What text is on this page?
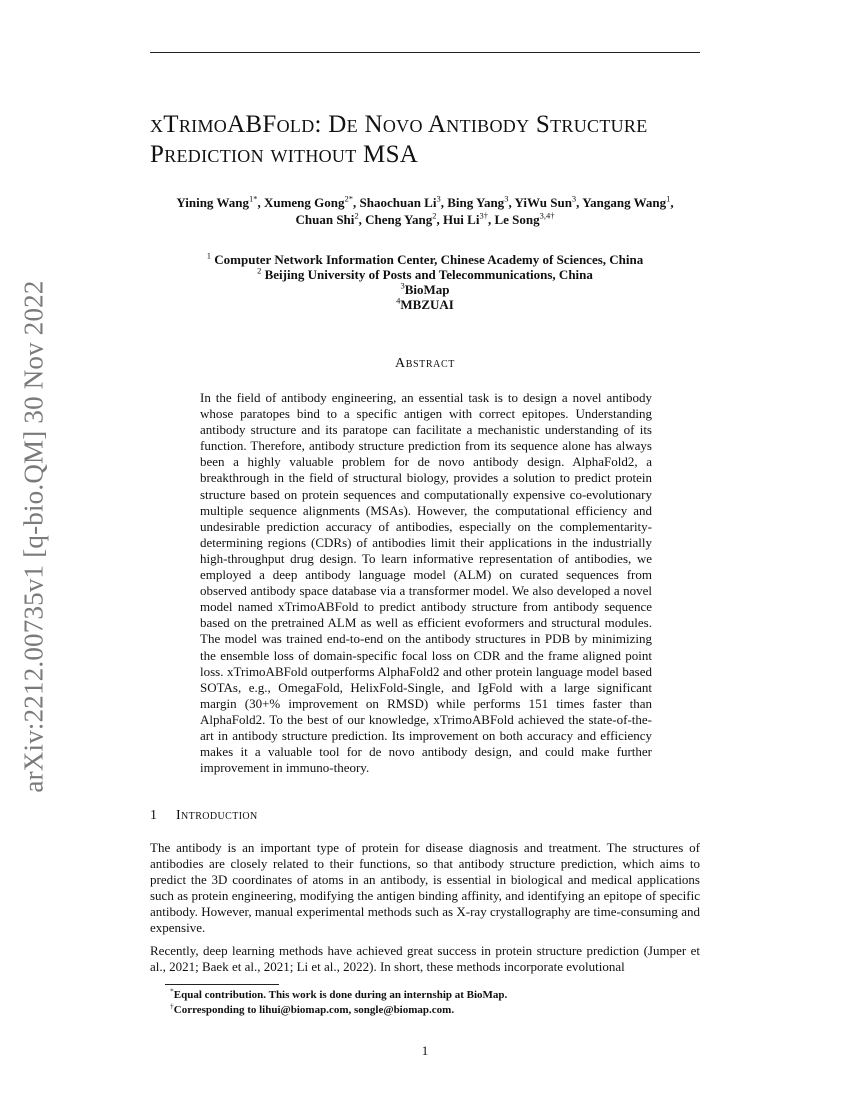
arXiv:2212.00735v1 [q-bio.QM] 30 Nov 2022
xTrimoABFold: De Novo Antibody Structure
Prediction without MSA
Yining Wang$^{1*}$, Xumeng Gong$^{2*}$, Shaochuan Li$^3$, Bing Yang$^3$, YiWu Sun$^3$, Yangang Wang$^1$,
Chuan Shi$^2$, Cheng Yang$^2$, Hui $Li^{3\dagger}$, Le Song$^{3,4\dagger}$
$^1$ Computer Network Information Center, Chinese Academy of Sciences, China
$^2$ Beijing University of Posts and Telecommunications, China
$^3$BioMap
$^4$MBZUAI
Abstract
In the field of antibody engineering, an essential task is to design a novel antibody whose paratopes bind to a specific antigen with correct epitopes. Understanding antibody structure and its paratope can facilitate a mechanistic understanding of its function. Therefore, antibody structure prediction from its sequence alone has always been a highly valuable problem for de novo antibody design. AlphaFold2, a breakthrough in the field of structural biology, provides a solution to predict protein structure based on protein sequences and computationally expensive co-evolutionary multiple sequence alignments (MSAs). However, the computational efficiency and undesirable prediction accuracy of antibodies, especially on the complementarity-determining regions (CDRs) of antibodies limit their applications in the industrially high-throughput drug design. To learn informative representation of antibodies, we employed a deep antibody language model (ALM) on curated sequences from observed antibody space database via a transformer model. We also developed a novel model named xTrimoABFold to predict antibody structure from antibody sequence based on the pretrained ALM as well as efficient evoformers and structural modules. The model was trained end-to-end on the antibody structures in PDB by minimizing the ensemble loss of domain-specific focal loss on CDR and the frame aligned point loss. xTrimoABFold outperforms AlphaFold2 and other protein language model based SOTAs, e.g., OmegaFold, HelixFold-Single, and IgFold with a large significant margin (30+% improvement on RMSD) while performs 151 times faster than AlphaFold2. To the best of our knowledge, xTrimoABFold achieved the state-of-the-art in antibody structure prediction. Its improvement on both accuracy and efficiency makes it a valuable tool for de novo antibody design, and could make further improvement in immuno-theory.
1 Introduction

The antibody is an important type of protein for disease diagnosis and treatment. The structures of antibodies are closely related to their functions, so that antibody structure prediction, which aims to predict the 3D coordinates of atoms in an antibody, is essential in biological and medical applications such as protein engineering, modifying the antigen binding affinity, and identifying an epitope of specific antibody. However, manual experimental methods such as X-ray crystallography are time-consuming and expensive.

Recently, deep learning methods have achieved great success in protein structure prediction (Jumper et al., 2021; Baek et al., 2021; Li et al., 2022). In short, these methods incorporate evolutional

*Equal contribution. This work is done during an internship at BioMap.
†Corresponding to lihui@biomap.com, songle@biomap.com.
1
